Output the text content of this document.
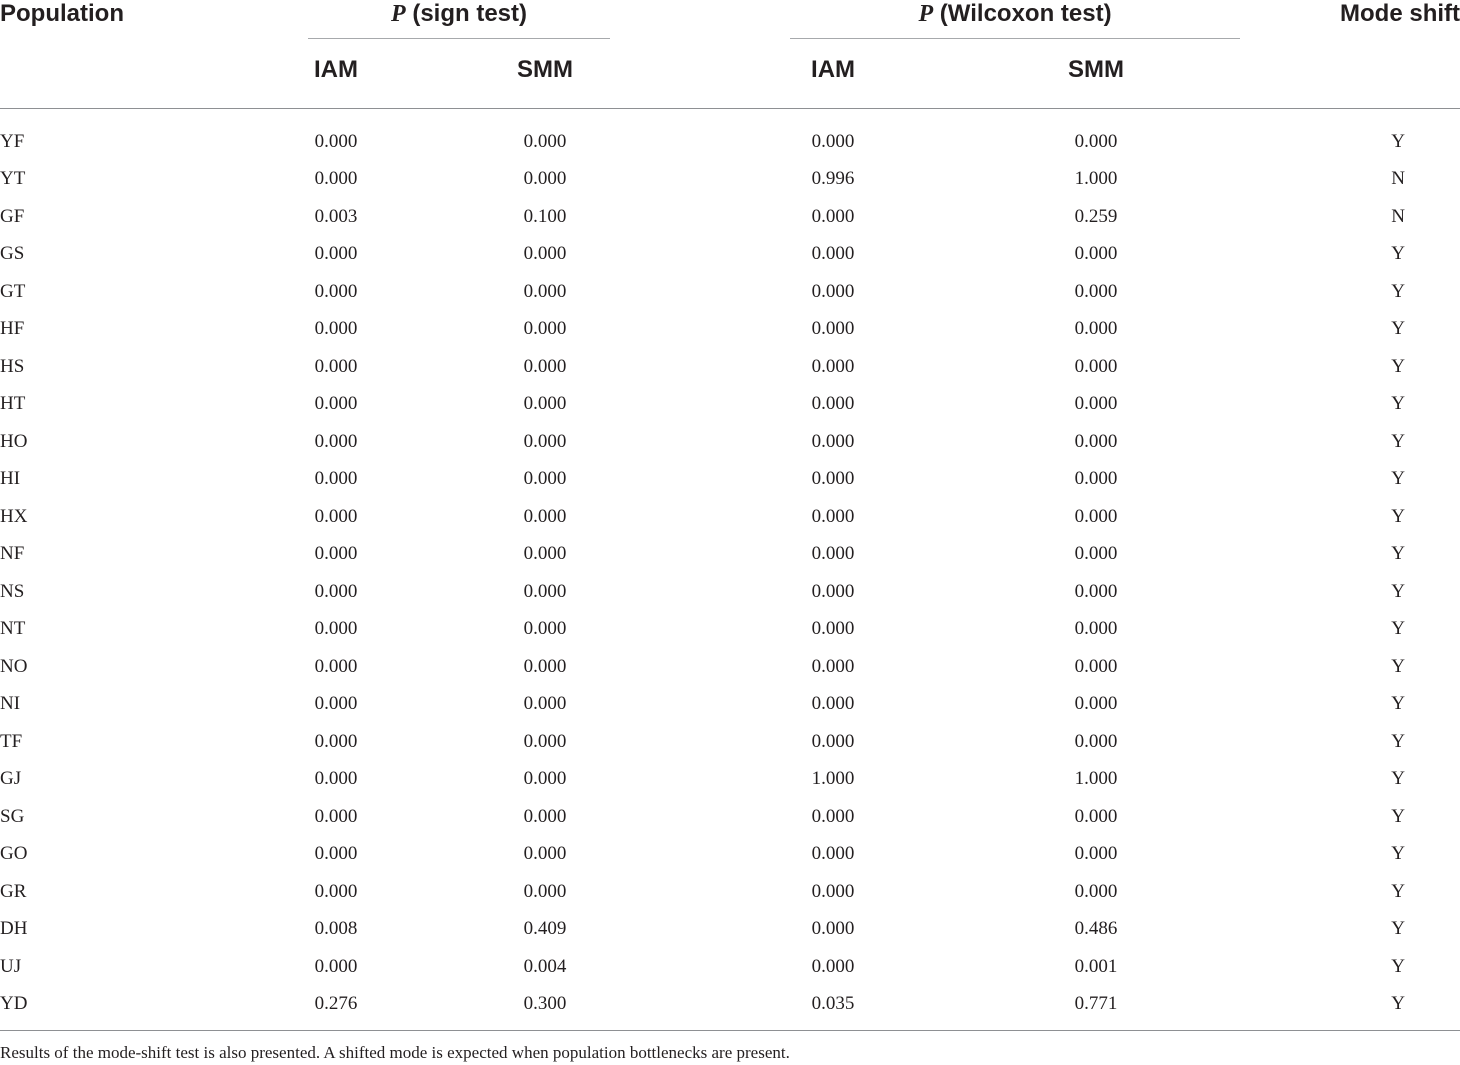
Population	P (sign test)			P (Wilcoxon test)		Mode shift
	IAM	SMM		IAM	SMM	

YF	0.000	0.000		0.000	0.000	Y
YT	0.000	0.000		0.996	1.000	N
GF	0.003	0.100		0.000	0.259	N
GS	0.000	0.000		0.000	0.000	Y
GT	0.000	0.000		0.000	0.000	Y
HF	0.000	0.000		0.000	0.000	Y
HS	0.000	0.000		0.000	0.000	Y
HT	0.000	0.000		0.000	0.000	Y
HO	0.000	0.000		0.000	0.000	Y
HI	0.000	0.000		0.000	0.000	Y
HX	0.000	0.000		0.000	0.000	Y
NF	0.000	0.000		0.000	0.000	Y
NS	0.000	0.000		0.000	0.000	Y
NT	0.000	0.000		0.000	0.000	Y
NO	0.000	0.000		0.000	0.000	Y
NI	0.000	0.000		0.000	0.000	Y
TF	0.000	0.000		0.000	0.000	Y
GJ	0.000	0.000		1.000	1.000	Y
SG	0.000	0.000		0.000	0.000	Y
GO	0.000	0.000		0.000	0.000	Y
GR	0.000	0.000		0.000	0.000	Y
DH	0.008	0.409		0.000	0.486	Y
UJ	0.000	0.004		0.000	0.001	Y
YD	0.276	0.300		0.035	0.771	Y
Results of the mode-shift test is also presented. A shifted mode is expected when population bottlenecks are present.
